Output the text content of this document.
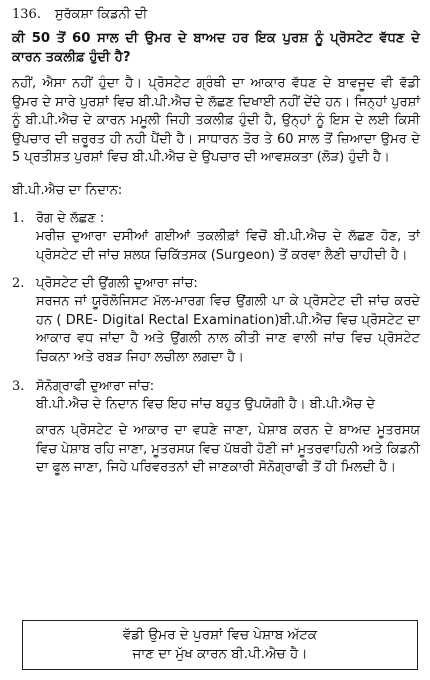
136. ਸੁਰੱਕਸ਼ਾ ਕਿਡਨੀ ਦੀ

ਕੀ 50 ਤੋਂ 60 ਸਾਲ ਦੀ ਉਮਰ ਦੇ ਬਾਅਦ ਹਰ ਇਕ ਪੁਰਸ਼ ਨੂੰ ਪ੍ਰੋਸਟੇਟ ਵੱਧਣ ਦੇ ਕਾਰਨ ਤਕਲੀਫ਼ ਹੁੰਦੀ ਹੈ?

ਨਹੀਂ, ਐਸਾ ਨਹੀਂ ਹੁੰਦਾ ਹੈ। ਪ੍ਰੋਸਟੇਟ ਗ੍ਰੰਥੀ ਦਾ ਆਕਾਰ ਵੱਧਣ ਦੇ ਬਾਵਜੂਦ ਵੀ ਵੱਡੀ ਉਮਰ ਦੇ ਸਾਰੇ ਪੁਰਸ਼ਾਂ ਵਿਚ ਬੀ.ਪੀ.ਐਚ ਦੇ ਲੱਛਣ ਦਿਖਾਈ ਨਹੀਂ ਦੇਂਦੇ ਹਨ। ਜਿਨ੍ਹਾਂ ਪੁਰਸ਼ਾਂ ਨੂੰ ਬੀ.ਪੀ.ਐਚ ਦੇ ਕਾਰਨ ਮਮੂਲੀ ਜਿਹੀ ਤਕਲੀਫ਼ ਹੁੰਦੀ ਹੈ, ਉਨ੍ਹਾਂ ਨੂੰ ਇਸ ਦੇ ਲਈ ਕਿਸੀ ਉਪਚਾਰ ਦੀ ਜ਼ਰੂਰਤ ਹੀ ਨਹੀ ਪੈਂਦੀ ਹੈ। ਸਾਧਾਰਨ ਤੋਰ ਤੇ 60 ਸਾਲ ਤੋਂ ਜ਼ਿਆਦਾ ਉਮਰ ਦੇ 5 ਪ੍ਰਤੀਸ਼ਤ ਪੁਰਸ਼ਾਂ ਵਿਚ ਬੀ.ਪੀ.ਐਚ ਦੇ ਉਪਚਾਰ ਦੀ ਆਵਸ਼ਕਤਾ (ਲੋੜ) ਹੁੰਦੀ ਹੈ।

ਬੀ.ਪੀ.ਐਚ ਦਾ ਨਿਦਾਨ:
1. ਰੋਗ ਦੇ ਲੱਛਣ :
ਮਰੀਜ਼ ਦੁਆਰਾ ਦਸੀਆਂ ਗਈਆਂ ਤਕਲੀਫ਼ਾਂ ਵਿਚੋਂ ਬੀ.ਪੀ.ਐਚ ਦੇ ਲੱਛਣ ਹੋਣ, ਤਾਂ ਪ੍ਰੋਸਟੇਟ ਦੀ ਜਾਂਚ ਸ਼ਲਯ ਚਿਕਿੱਤਸਕ (Surgeon) ਤੋਂ ਕਰਵਾ ਲੈਣੀ ਚਾਹੀਦੀ ਹੈ।
2. ਪ੍ਰੋਸਟੇਟ ਦੀ ਉਂਗਲੀ ਦੁਆਰਾ ਜਾਂਚ:
ਸਰਜਨ ਜਾਂ ਯੂਰੋਲੋਜਿਸਟ ਮੱਲ-ਮਾਰਗ ਵਿਚ ਉਂਗਲੀ ਪਾ ਕੇ ਪ੍ਰੋਸਟੇਟ ਦੀ ਜਾਂਚ ਕਰਦੇ ਹਨ ( DRE- Digital Rectal Examination)ਬੀ.ਪੀ.ਐਚ ਵਿਚ ਪ੍ਰੋਸਟੇਟ ਦਾ ਆਕਾਰ ਵਧ ਜਾਂਦਾ ਹੈ ਅਤੇ ਉਂਗਲੀ ਨਾਲ ਕੀਤੀ ਜਾਣ ਵਾਲੀ ਜਾਂਚ ਵਿਚ ਪ੍ਰੋਸਟੇਟ ਚਿਕਨਾ ਅਤੇ ਰਬੜ ਜਿਹਾ ਲਚੀਲਾ ਲਗਦਾ ਹੈ।
3. ਸੋਨੋਗ੍ਰਾਫੀ ਦੁਆਰਾ ਜਾਂਚ:
ਬੀ.ਪੀ.ਐਚ ਦੇ ਨਿਦਾਨ ਵਿਚ ਇਹ ਜਾਂਚ ਬਹੁਤ ਉਪਯੋਗੀ ਹੈ। ਬੀ.ਪੀ.ਐਚ ਦੇ
ਕਾਰਨ ਪ੍ਰੋਸਟੇਟ ਦੇ ਆਕਾਰ ਦਾ ਵਧਣੇ ਜਾਣਾ, ਪੇਸ਼ਾਬ ਕਰਨ ਦੇ ਬਾਅਦ ਮੂਤਰਸਯ ਵਿਚ ਪੇਸ਼ਾਬ ਰਹਿ ਜਾਣਾ, ਮੂਤਰਸਯ ਵਿਚ ਪੱਥਰੀ ਹੋਣੀ ਜਾਂ ਮੂਤਰਵਾਹਿਨੀ ਅਤੇ ਕਿਡਨੀ ਦਾ ਫੂਲ ਜਾਣਾ, ਜਿਹੇ ਪਰਿਵਰਤਨਾਂ ਦੀ ਜਾਣਕਾਰੀ ਸੋਨੋਗ੍ਰਾਫੀ ਤੋਂ ਹੀ ਮਿਲਦੀ ਹੈ।
ਵੱਡੀ ਉਮਰ ਦੇ ਪੁਰਸ਼ਾਂ ਵਿਚ ਪੇਸ਼ਾਬ ਅੱਟਕ
ਜਾਣ ਦਾ ਮੁੱਖ ਕਾਰਨ ਬੀ.ਪੀ.ਐਚ ਹੈ।
